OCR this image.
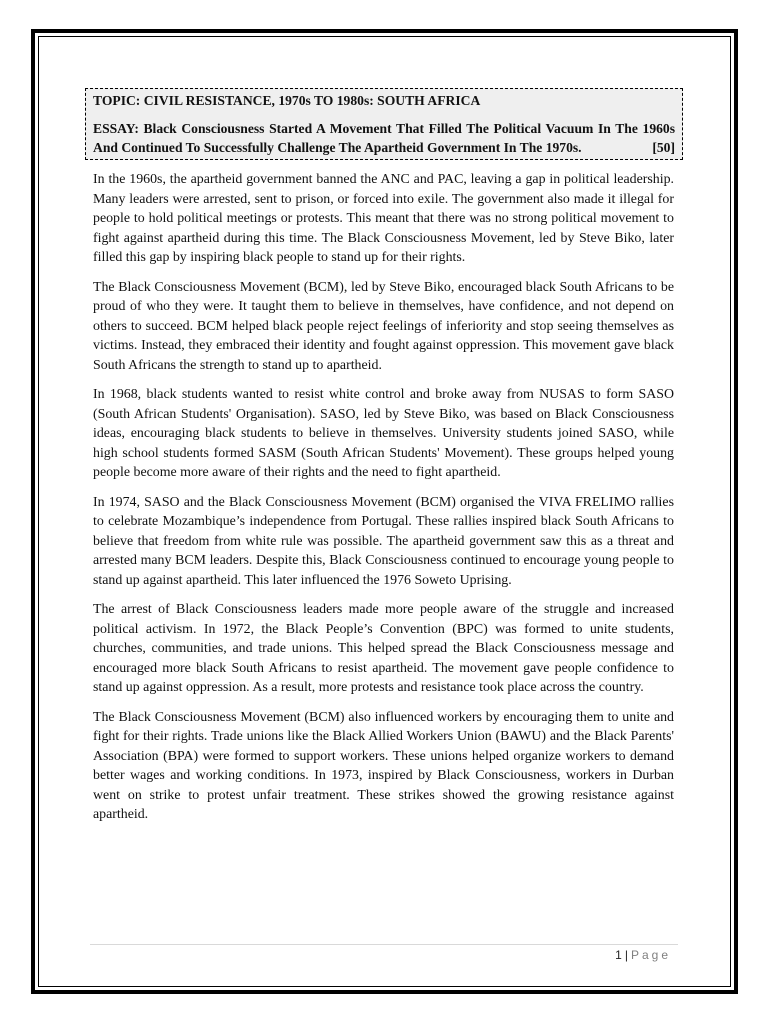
TOPIC: CIVIL RESISTANCE, 1970s TO 1980s: SOUTH AFRICA

ESSAY: Black Consciousness Started A Movement That Filled The Political Vacuum In The 1960s And Continued To Successfully Challenge The Apartheid Government In The 1970s.	[50]

In the 1960s, the apartheid government banned the ANC and PAC, leaving a gap in political leadership. Many leaders were arrested, sent to prison, or forced into exile. The government also made it illegal for people to hold political meetings or protests. This meant that there was no strong political movement to fight against apartheid during this time. The Black Consciousness Movement, led by Steve Biko, later filled this gap by inspiring black people to stand up for their rights.

The Black Consciousness Movement (BCM), led by Steve Biko, encouraged black South Africans to be proud of who they were. It taught them to believe in themselves, have confidence, and not depend on others to succeed. BCM helped black people reject feelings of inferiority and stop seeing themselves as victims. Instead, they embraced their identity and fought against oppression. This movement gave black South Africans the strength to stand up to apartheid.

In 1968, black students wanted to resist white control and broke away from NUSAS to form SASO (South African Students' Organisation). SASO, led by Steve Biko, was based on Black Consciousness ideas, encouraging black students to believe in themselves. University students joined SASO, while high school students formed SASM (South African Students' Movement). These groups helped young people become more aware of their rights and the need to fight apartheid.

In 1974, SASO and the Black Consciousness Movement (BCM) organised the VIVA FRELIMO rallies to celebrate Mozambique’s independence from Portugal. These rallies inspired black South Africans to believe that freedom from white rule was possible. The apartheid government saw this as a threat and arrested many BCM leaders. Despite this, Black Consciousness continued to encourage young people to stand up against apartheid. This later influenced the 1976 Soweto Uprising.

The arrest of Black Consciousness leaders made more people aware of the struggle and increased political activism. In 1972, the Black People’s Convention (BPC) was formed to unite students, churches, communities, and trade unions. This helped spread the Black Consciousness message and encouraged more black South Africans to resist apartheid. The movement gave people confidence to stand up against oppression. As a result, more protests and resistance took place across the country.

The Black Consciousness Movement (BCM) also influenced workers by encouraging them to unite and fight for their rights. Trade unions like the Black Allied Workers Union (BAWU) and the Black Parents' Association (BPA) were formed to support workers. These unions helped organize workers to demand better wages and working conditions. In 1973, inspired by Black Consciousness, workers in Durban went on strike to protest unfair treatment. These strikes showed the growing resistance against apartheid.

1 | Page
